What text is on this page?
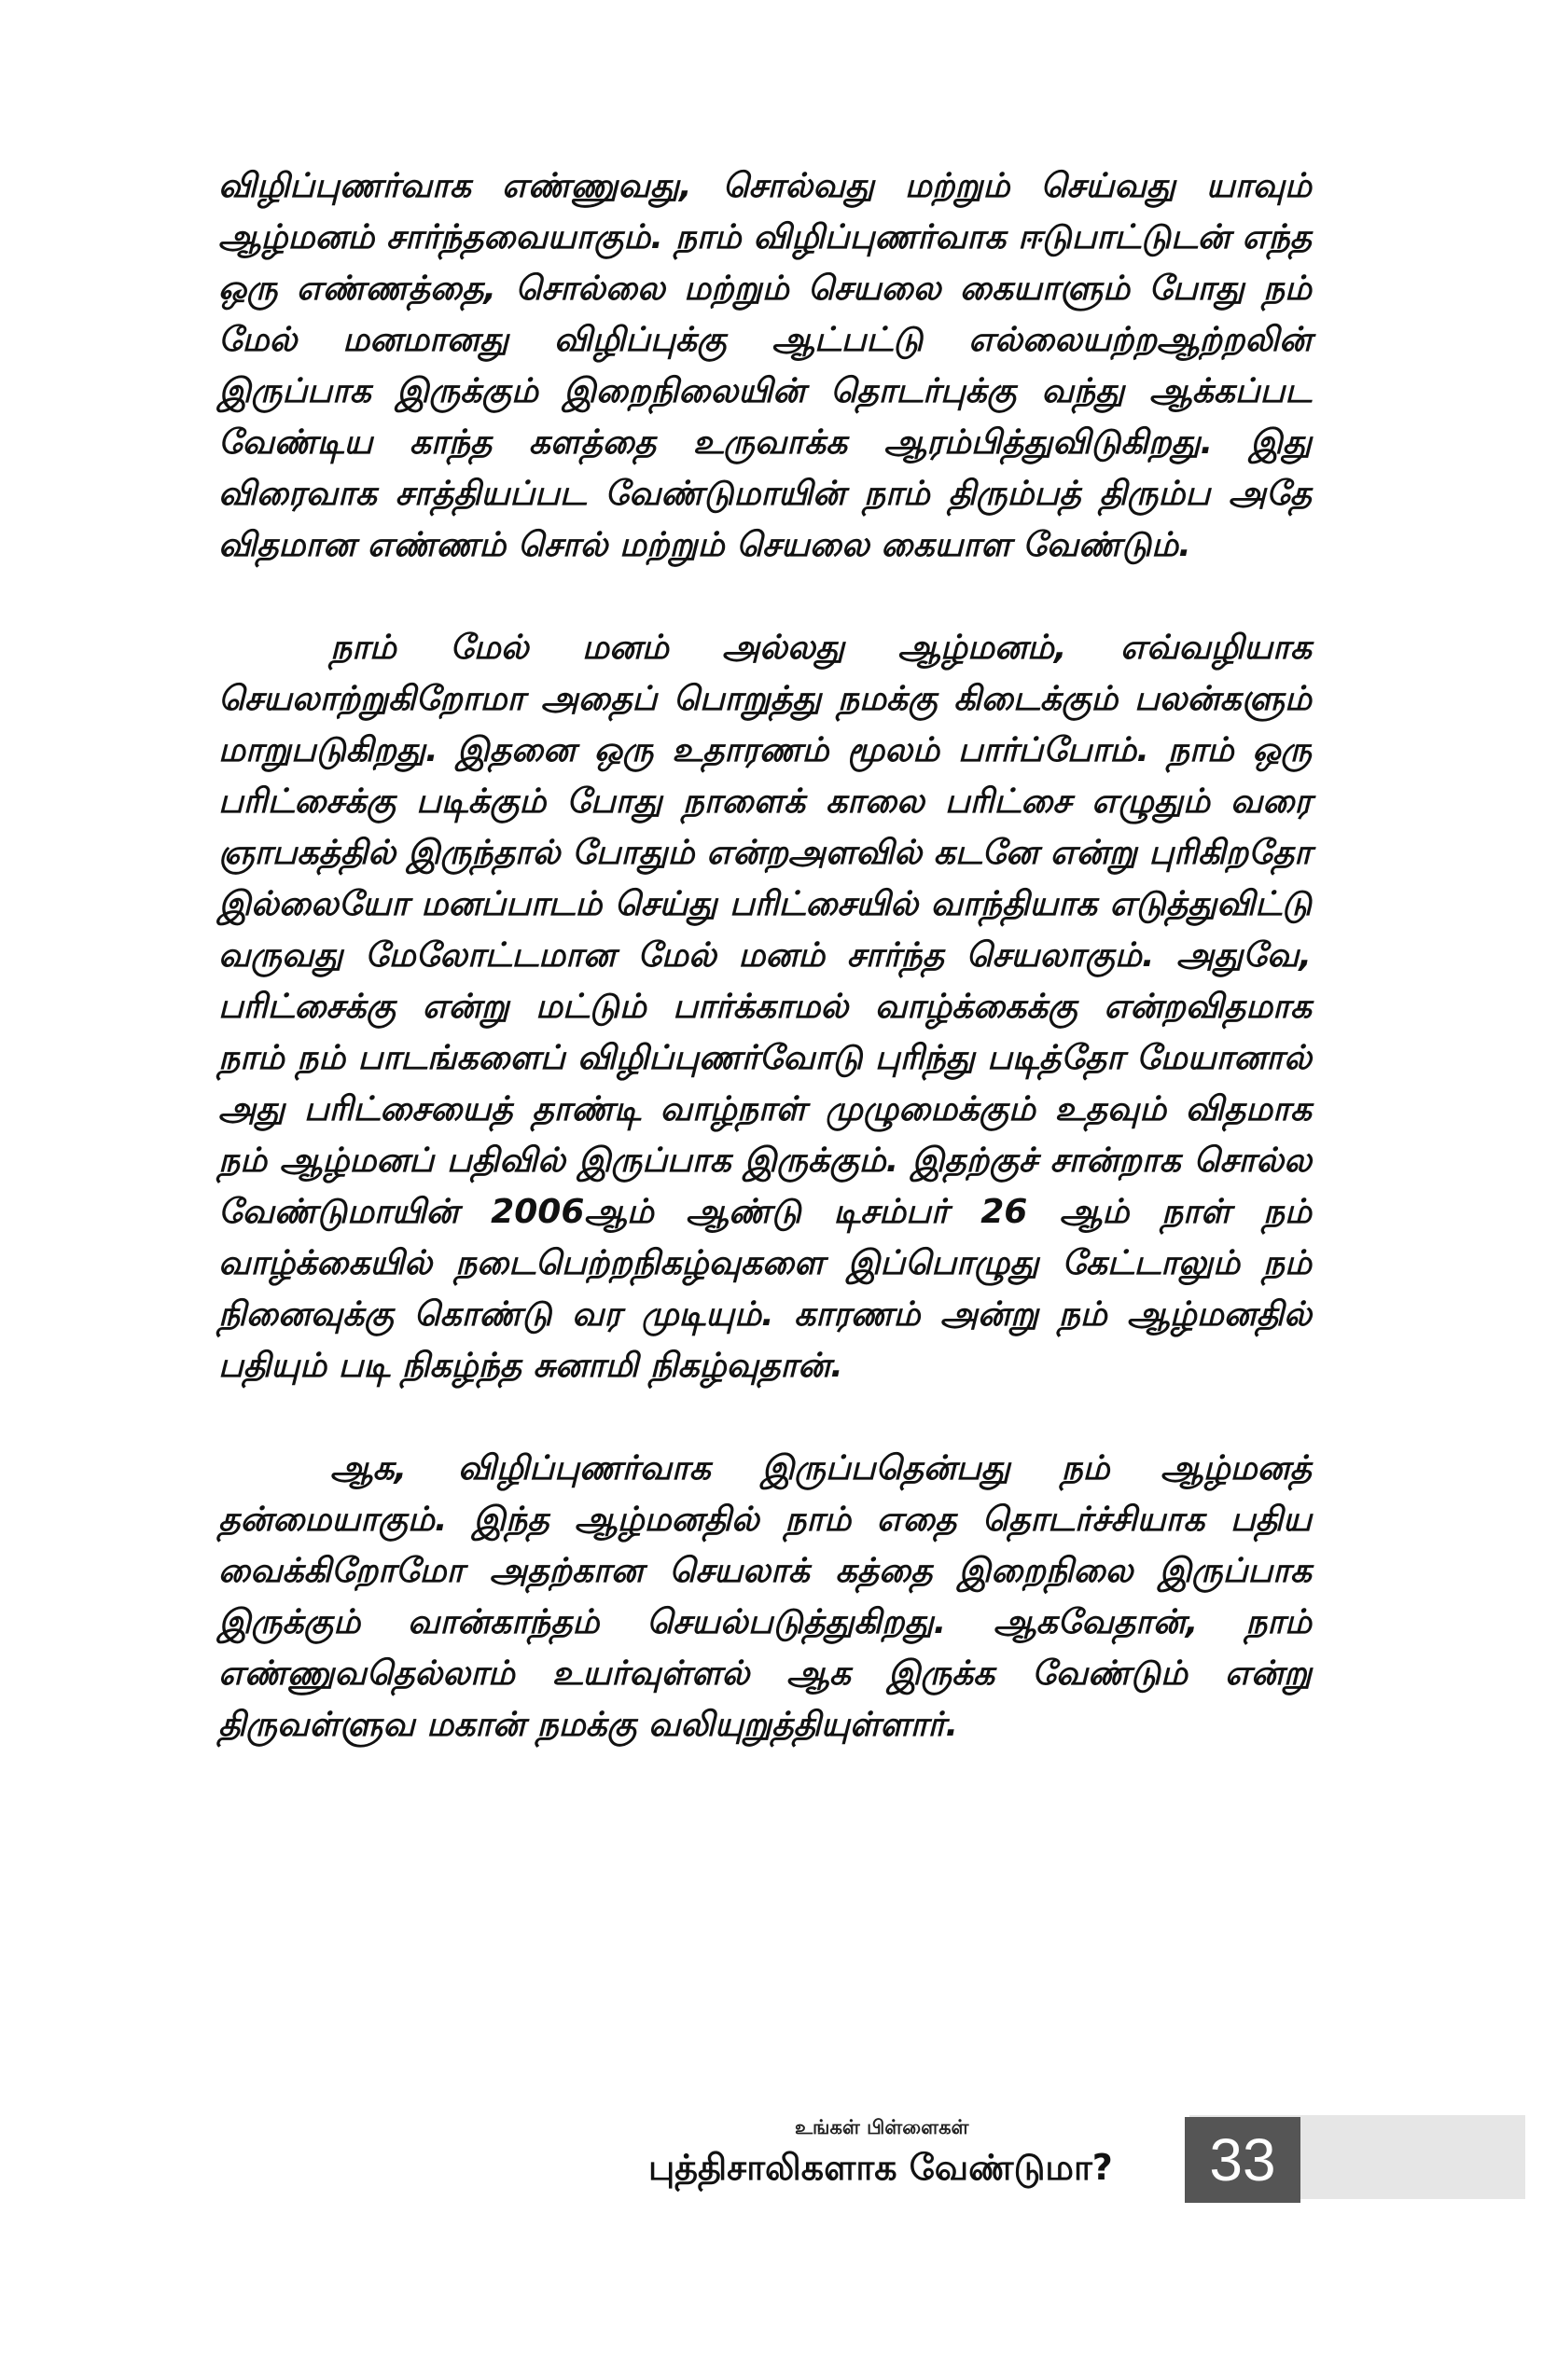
விழிப்புணர்வாக எண்ணுவது, சொல்வது மற்றும் செய்வது யாவும் ஆழ்மனம் சார்ந்தவையாகும். நாம் விழிப்புணர்வாக ஈடுபாட்டுடன் எந்த ஒரு எண்ணத்தை, சொல்லை மற்றும் செயலை கையாளும் போது நம் மேல் மனமானது விழிப்புக்கு ஆட்பட்டு எல்லையற்றஆற்றலின் இருப்பாக இருக்கும் இறைநிலையின் தொடர்புக்கு வந்து ஆக்கப்பட வேண்டிய காந்த களத்தை உருவாக்க ஆரம்பித்துவிடுகிறது. இது விரைவாக சாத்தியப்பட வேண்டுமாயின் நாம் திரும்பத் திரும்ப அதே விதமான எண்ணம் சொல் மற்றும் செயலை கையாள வேண்டும்.

நாம் மேல் மனம் அல்லது ஆழ்மனம், எவ்வழியாக செயலாற்றுகிறோமா அதைப் பொறுத்து நமக்கு கிடைக்கும் பலன்களும் மாறுபடுகிறது. இதனை ஒரு உதாரணம் மூலம் பார்ப்போம். நாம் ஒரு பரிட்சைக்கு படிக்கும் போது நாளைக் காலை பரிட்சை எழுதும் வரை ஞாபகத்தில் இருந்தால் போதும் என்றஅளவில் கடனே என்று புரிகிறதோ இல்லையோ மனப்பாடம் செய்து பரிட்சையில் வாந்தியாக எடுத்துவிட்டு வருவது மேலோட்டமான மேல் மனம் சார்ந்த செயலாகும். அதுவே, பரிட்சைக்கு என்று மட்டும் பார்க்காமல் வாழ்க்கைக்கு என்றவிதமாக நாம் நம் பாடங்களைப் விழிப்புணர்வோடு புரிந்து படித்தோ மேயானால் அது பரிட்சையைத் தாண்டி வாழ்நாள் முழுமைக்கும் உதவும் விதமாக நம் ஆழ்மனப் பதிவில் இருப்பாக இருக்கும். இதற்குச் சான்றாக சொல்ல வேண்டுமாயின் 2006ஆம் ஆண்டு டிசம்பர் 26 ஆம் நாள் நம் வாழ்க்கையில் நடைபெற்றநிகழ்வுகளை இப்பொழுது கேட்டாலும் நம் நினைவுக்கு கொண்டு வர முடியும். காரணம் அன்று நம் ஆழ்மனதில் பதியும் படி நிகழ்ந்த சுனாமி நிகழ்வுதான்.

ஆக, விழிப்புணர்வாக இருப்பதென்பது நம் ஆழ்மனத் தன்மையாகும். இந்த ஆழ்மனதில் நாம் எதை தொடர்ச்சியாக பதிய வைக்கிறோமோ அதற்கான செயலாக் கத்தை இறைநிலை இருப்பாக இருக்கும் வான்காந்தம் செயல்படுத்துகிறது. ஆகவேதான், நாம் எண்ணுவதெல்லாம் உயர்வுள்ளல் ஆக இருக்க வேண்டும் என்று திருவள்ளுவ மகான் நமக்கு வலியுறுத்தியுள்ளார்.

உங்கள் பிள்ளைகள்
புத்திசாலிகளாக வேண்டுமா?	33
